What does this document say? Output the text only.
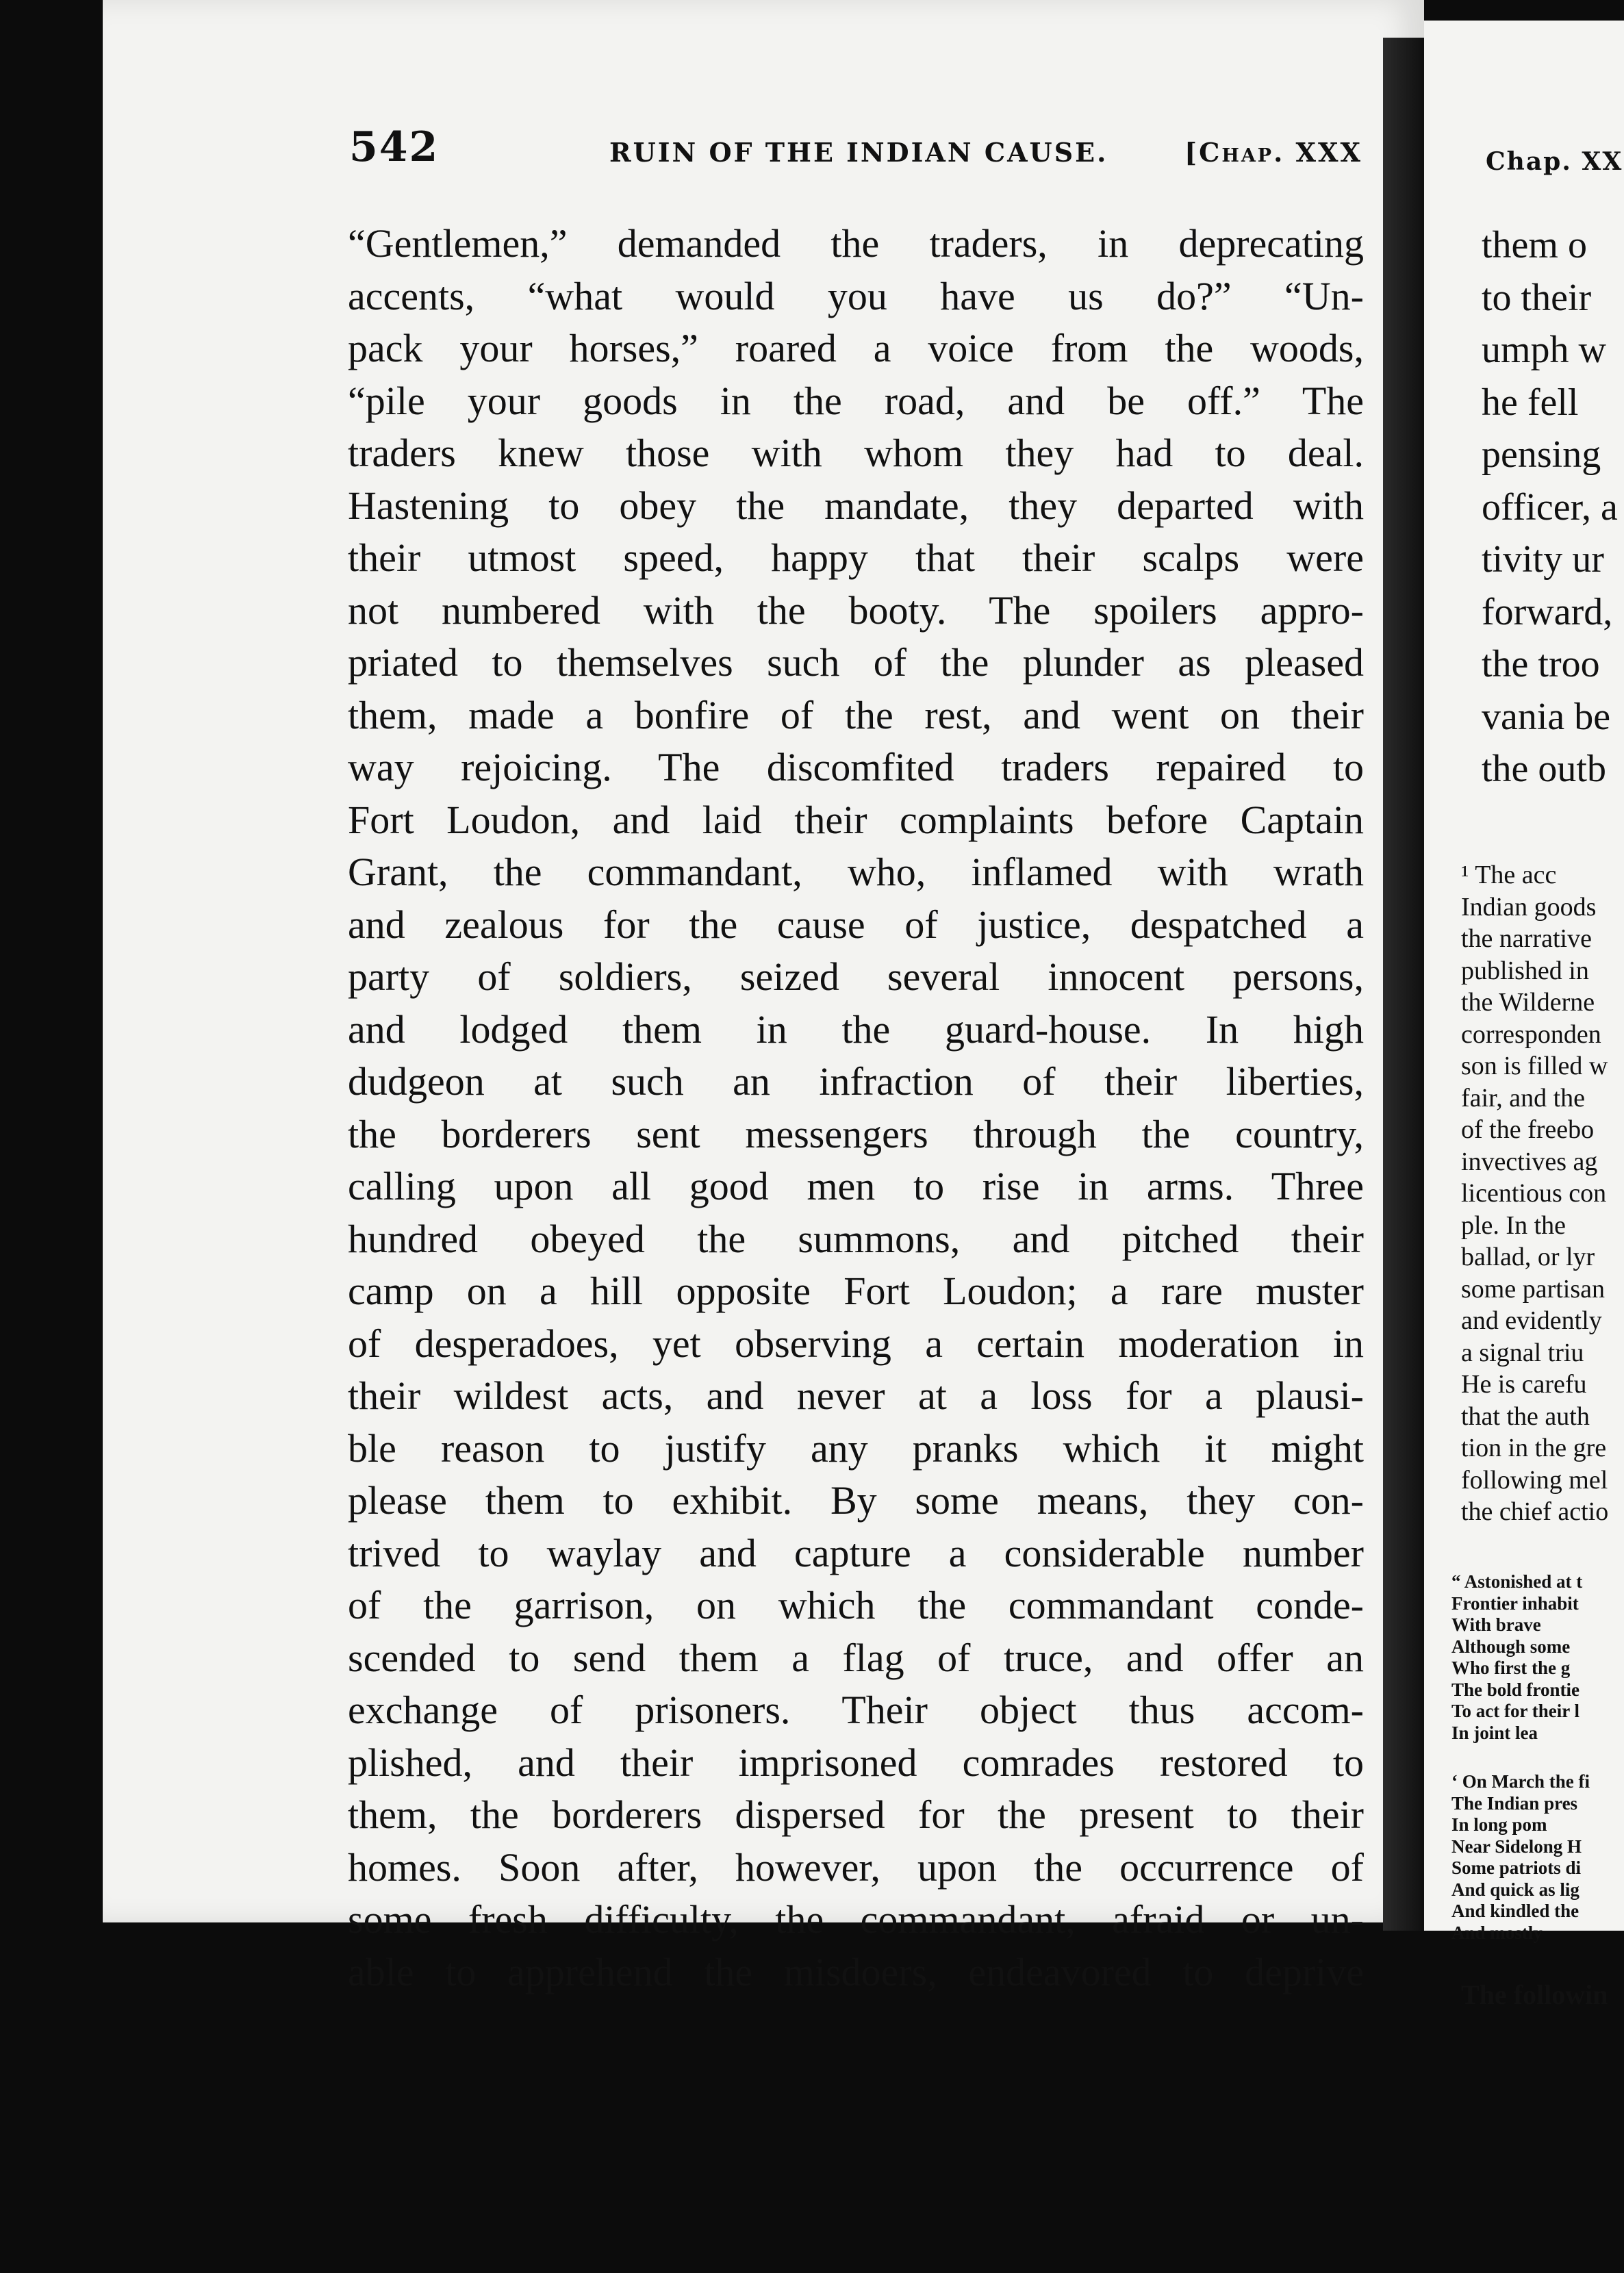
Chap. XX
them o
to their
umph w
he fell
pensing
officer, a
tivity ur
forward,
the troo
vania be
the outb
¹ The acc
Indian goods
the narrative
published in
the Wilderne
corresponden
son is filled w
fair, and the
of the freebo
invectives ag
licentious con
ple. In the
ballad, or lyr
some partisan
and evidently
a signal triu
He is carefu
that the auth
tion in the gre
following mel
the chief actio
“ Astonished at t
Frontier inhabit
With brave
Although some
Who first the g
The bold frontie
To act for their l
In joint lea
‘ On March the fi
The Indian pres
In long pom
Near Sidelong H
Some patriots di
And quick as lig
And kindled the
And mostly
The followin
542	RUIN OF THE INDIAN CAUSE.	[Chap. XXX
“Gentlemen,” demanded the traders, in deprecating
accents, “what would you have us do?” “Un-
pack your horses,” roared a voice from the woods,
“pile your goods in the road, and be off.” The
traders knew those with whom they had to deal.
Hastening to obey the mandate, they departed with
their utmost speed, happy that their scalps were
not numbered with the booty. The spoilers appro-
priated to themselves such of the plunder as pleased
them, made a bonfire of the rest, and went on their
way rejoicing. The discomfited traders repaired to
Fort Loudon, and laid their complaints before Captain
Grant, the commandant, who, inflamed with wrath
and zealous for the cause of justice, despatched a
party of soldiers, seized several innocent persons,
and lodged them in the guard-house. In high
dudgeon at such an infraction of their liberties,
the borderers sent messengers through the country,
calling upon all good men to rise in arms. Three
hundred obeyed the summons, and pitched their
camp on a hill opposite Fort Loudon; a rare muster
of desperadoes, yet observing a certain moderation in
their wildest acts, and never at a loss for a plausi-
ble reason to justify any pranks which it might
please them to exhibit. By some means, they con-
trived to waylay and capture a considerable number
of the garrison, on which the commandant conde-
scended to send them a flag of truce, and offer an
exchange of prisoners. Their object thus accom-
plished, and their imprisoned comrades restored to
them, the borderers dispersed for the present to their
homes. Soon after, however, upon the occurrence of
some fresh difficulty, the commandant, afraid or un-
able to apprehend the misdoers, endeavored to deprive
